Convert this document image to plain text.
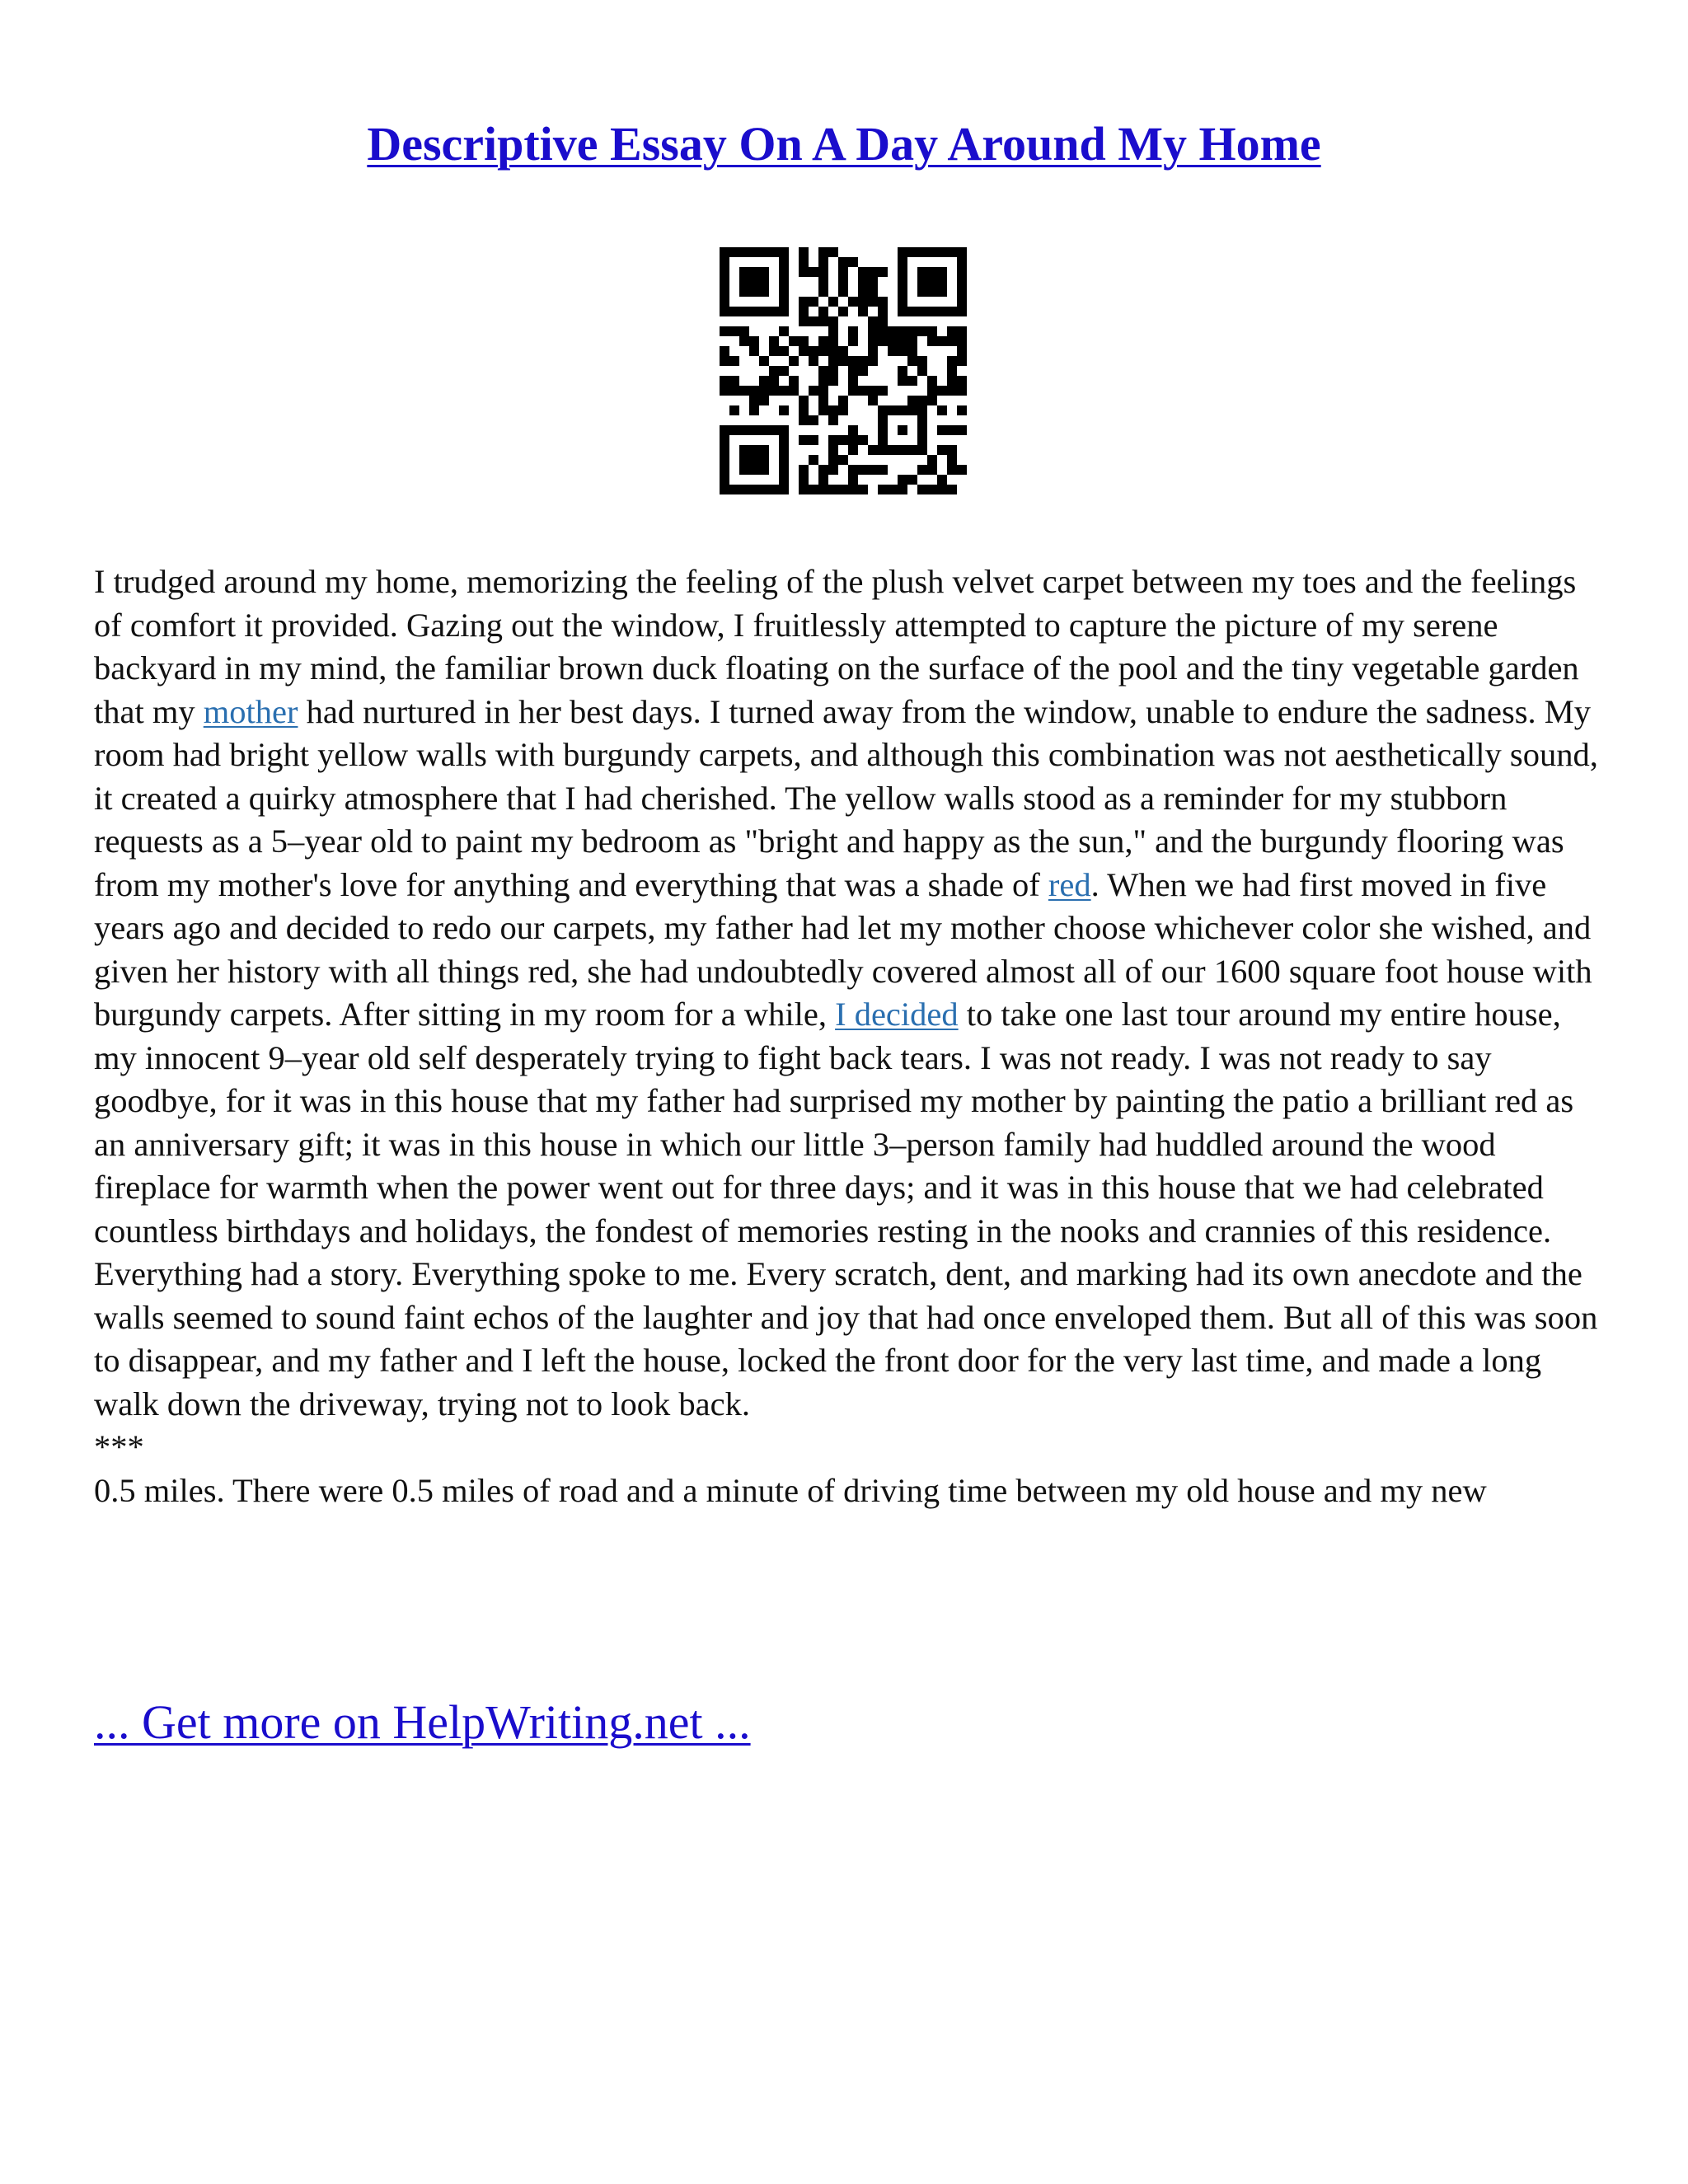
Descriptive Essay On A Day Around My Home

I trudged around my home, memorizing the feeling of the plush velvet carpet between my toes and the feelings of comfort it provided. Gazing out the window, I fruitlessly attempted to capture the picture of my serene backyard in my mind, the familiar brown duck floating on the surface of the pool and the tiny vegetable garden that my mother had nurtured in her best days. I turned away from the window, unable to endure the sadness. My room had bright yellow walls with burgundy carpets, and although this combination was not aesthetically sound, it created a quirky atmosphere that I had cherished. The yellow walls stood as a reminder for my stubborn requests as a 5–year old to paint my bedroom as "bright and happy as the sun," and the burgundy flooring was from my mother's love for anything and everything that was a shade of red. When we had first moved in five years ago and decided to redo our carpets, my father had let my mother choose whichever color she wished, and given her history with all things red, she had undoubtedly covered almost all of our 1600 square foot house with burgundy carpets. After sitting in my room for a while, I decided to take one last tour around my entire house, my innocent 9–year old self desperately trying to fight back tears. I was not ready. I was not ready to say goodbye, for it was in this house that my father had surprised my mother by painting the patio a brilliant red as an anniversary gift; it was in this house in which our little 3–person family had huddled around the wood fireplace for warmth when the power went out for three days; and it was in this house that we had celebrated countless birthdays and holidays, the fondest of memories resting in the nooks and crannies of this residence. Everything had a story. Everything spoke to me. Every scratch, dent, and marking had its own anecdote and the walls seemed to sound faint echos of the laughter and joy that had once enveloped them. But all of this was soon to disappear, and my father and I left the house, locked the front door for the very last time, and made a long walk down the driveway, trying not to look back.

***

0.5 miles. There were 0.5 miles of road and a minute of driving time between my old house and my new

... Get more on HelpWriting.net ...
